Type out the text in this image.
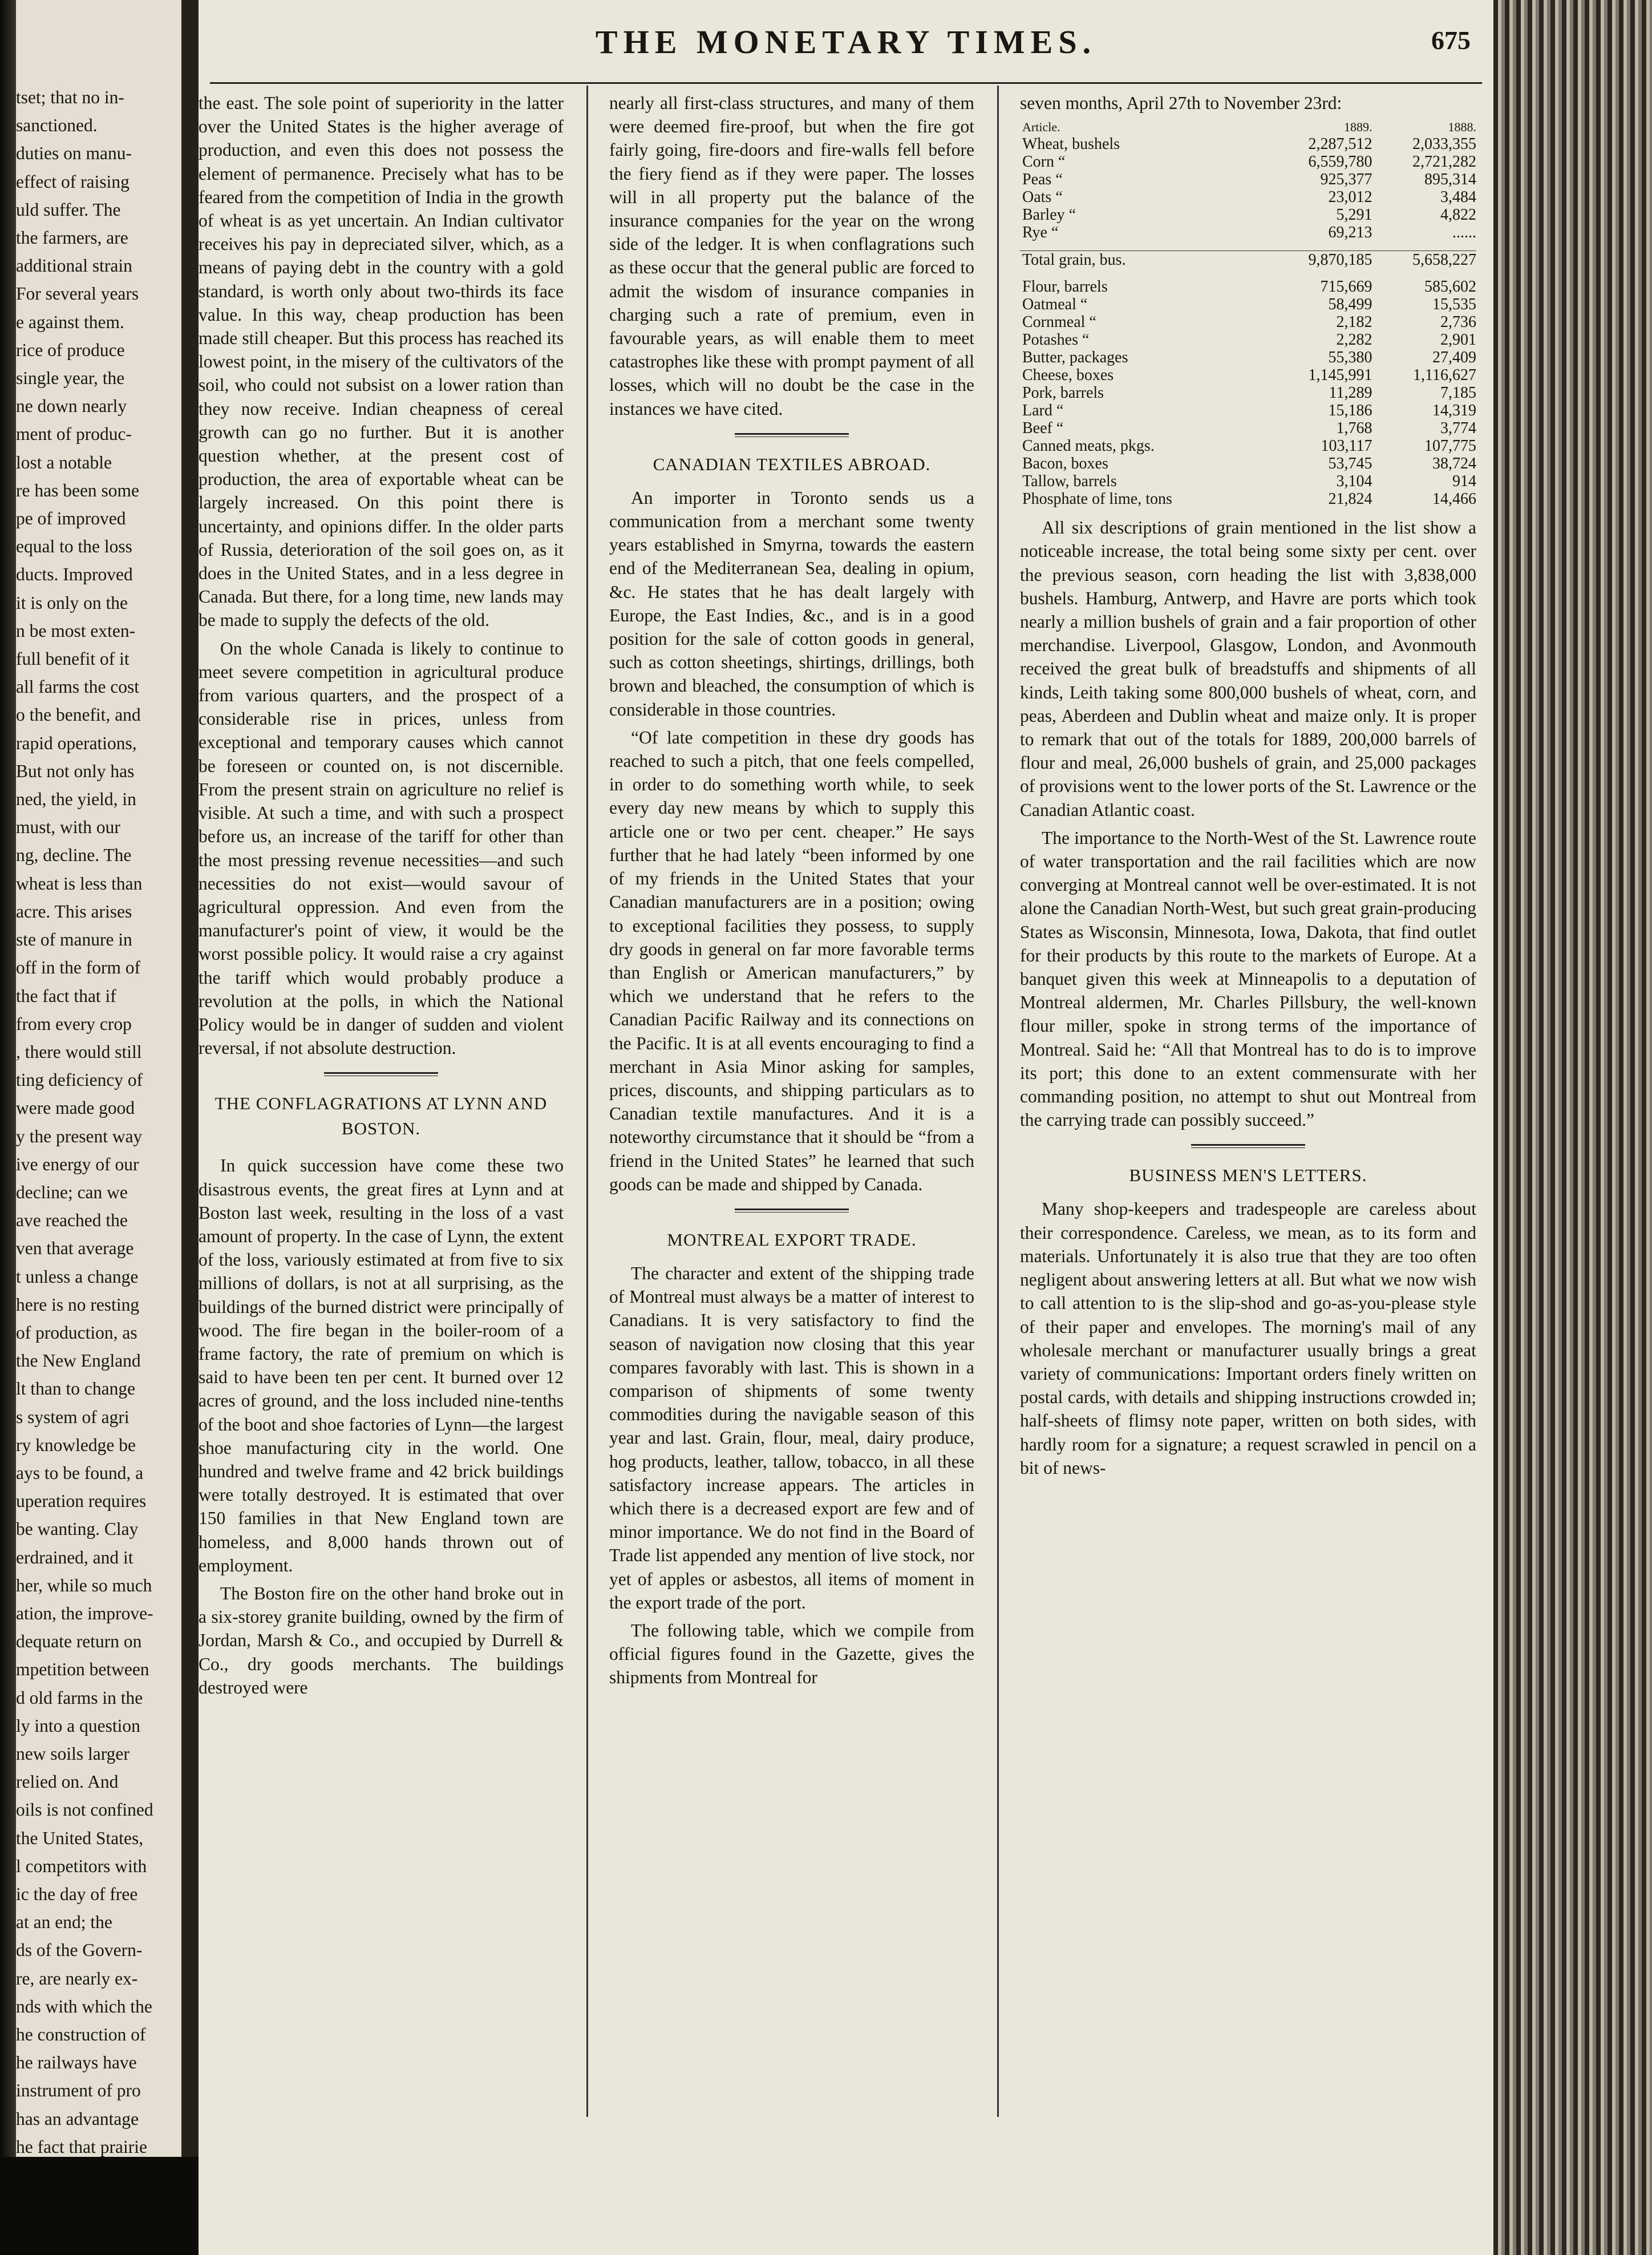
tset; that no in-

sanctioned.

duties on manu-

effect of raising

uld suffer. The

the farmers, are

additional strain

For several years

e against them.

rice of produce

single year, the

ne down nearly

ment of produc-

lost a notable

re has been some

pe of improved

equal to the loss

ducts. Improved

it is only on the

n be most exten-

full benefit of it

all farms the cost

o the benefit, and

rapid operations,

But not only has

ned, the yield, in

must, with our

ng, decline. The

wheat is less than

acre. This arises

ste of manure in

off in the form of

the fact that if

from every crop

, there would still

ting deficiency of

were made good

y the present way

ive energy of our

decline; can we

ave reached the

ven that average

t unless a change

here is no resting

of production, as

the New England

lt than to change

s system of agri

ry knowledge be

ays to be found, a

uperation requires

be wanting. Clay

erdrained, and it

her, while so much

ation, the improve-

dequate return on

mpetition between

d old farms in the

ly into a question

new soils larger

relied on. And

oils is not confined

the United States,

l competitors with

ic the day of free

at an end; the

ds of the Govern-

re, are nearly ex-

nds with which the

he construction of

he railways have

instrument of pro

has an advantage

he fact that prairie

THE MONETARY TIMES.	675

the east. The sole point of superiority in the latter over the United States is the higher average of production, and even this does not possess the element of permanence. Precisely what has to be feared from the competition of India in the growth of wheat is as yet uncertain. An Indian cultivator receives his pay in depreciated silver, which, as a means of paying debt in the country with a gold standard, is worth only about two-thirds its face value. In this way, cheap production has been made still cheaper. But this process has reached its lowest point, in the misery of the cultivators of the soil, who could not subsist on a lower ration than they now receive. Indian cheapness of cereal growth can go no further. But it is another question whether, at the present cost of production, the area of exportable wheat can be largely increased. On this point there is uncertainty, and opinions differ. In the older parts of Russia, deterioration of the soil goes on, as it does in the United States, and in a less degree in Canada. But there, for a long time, new lands may be made to supply the defects of the old.

On the whole Canada is likely to continue to meet severe competition in agricultural produce from various quarters, and the prospect of a considerable rise in prices, unless from exceptional and temporary causes which cannot be foreseen or counted on, is not discernible. From the present strain on agriculture no relief is visible. At such a time, and with such a prospect before us, an increase of the tariff for other than the most pressing revenue necessities—and such necessities do not exist—would savour of agricultural oppression. And even from the manufacturer's point of view, it would be the worst possible policy. It would raise a cry against the tariff which would probably produce a revolution at the polls, in which the National Policy would be in danger of sudden and violent reversal, if not absolute destruction.

THE CONFLAGRATIONS AT LYNN AND BOSTON.

In quick succession have come these two disastrous events, the great fires at Lynn and at Boston last week, resulting in the loss of a vast amount of property. In the case of Lynn, the extent of the loss, variously estimated at from five to six millions of dollars, is not at all surprising, as the buildings of the burned district were principally of wood. The fire began in the boiler-room of a frame factory, the rate of premium on which is said to have been ten per cent. It burned over 12 acres of ground, and the loss included nine-tenths of the boot and shoe factories of Lynn—the largest shoe manufacturing city in the world. One hundred and twelve frame and 42 brick buildings were totally destroyed. It is estimated that over 150 families in that New England town are homeless, and 8,000 hands thrown out of employment.

The Boston fire on the other hand broke out in a six-storey granite building, owned by the firm of Jordan, Marsh & Co., and occupied by Durrell & Co., dry goods merchants. The buildings destroyed were

nearly all first-class structures, and many of them were deemed fire-proof, but when the fire got fairly going, fire-doors and fire-walls fell before the fiery fiend as if they were paper. The losses will in all property put the balance of the insurance companies for the year on the wrong side of the ledger. It is when conflagrations such as these occur that the general public are forced to admit the wisdom of insurance companies in charging such a rate of premium, even in favourable years, as will enable them to meet catastrophes like these with prompt payment of all losses, which will no doubt be the case in the instances we have cited.

CANADIAN TEXTILES ABROAD.

An importer in Toronto sends us a communication from a merchant some twenty years established in Smyrna, towards the eastern end of the Mediterranean Sea, dealing in opium, &c. He states that he has dealt largely with Europe, the East Indies, &c., and is in a good position for the sale of cotton goods in general, such as cotton sheetings, shirtings, drillings, both brown and bleached, the consumption of which is considerable in those countries.

“Of late competition in these dry goods has reached to such a pitch, that one feels compelled, in order to do something worth while, to seek every day new means by which to supply this article one or two per cent. cheaper.” He says further that he had lately “been informed by one of my friends in the United States that your Canadian manufacturers are in a position; owing to exceptional facilities they possess, to supply dry goods in general on far more favorable terms than English or American manufacturers,” by which we understand that he refers to the Canadian Pacific Railway and its connections on the Pacific. It is at all events encouraging to find a merchant in Asia Minor asking for samples, prices, discounts, and shipping particulars as to Canadian textile manufactures. And it is a noteworthy circumstance that it should be “from a friend in the United States” he learned that such goods can be made and shipped by Canada.

MONTREAL EXPORT TRADE.

The character and extent of the shipping trade of Montreal must always be a matter of interest to Canadians. It is very satisfactory to find the season of navigation now closing that this year compares favorably with last. This is shown in a comparison of shipments of some twenty commodities during the navigable season of this year and last. Grain, flour, meal, dairy produce, hog products, leather, tallow, tobacco, in all these satisfactory increase appears. The articles in which there is a decreased export are few and of minor importance. We do not find in the Board of Trade list appended any mention of live stock, nor yet of apples or asbestos, all items of moment in the export trade of the port.

The following table, which we compile from official figures found in the Gazette, gives the shipments from Montreal for

seven months, April 27th to November 23rd:

Article.	1889.	1888.
Wheat, bushels	2,287,512	2,033,355
Corn “	6,559,780	2,721,282
Peas “	925,377	895,314
Oats “	23,012	3,484
Barley “	5,291	4,822
Rye “	69,213	......

Total grain, bus.	9,870,185	5,658,227

Flour, barrels	715,669	585,602
Oatmeal “	58,499	15,535
Cornmeal “	2,182	2,736
Potashes “	2,282	2,901
Butter, packages	55,380	27,409
Cheese, boxes	1,145,991	1,116,627
Pork, barrels	11,289	7,185
Lard “	15,186	14,319
Beef “	1,768	3,774
Canned meats, pkgs.	103,117	107,775
Bacon, boxes	53,745	38,724
Tallow, barrels	3,104	914
Phosphate of lime, tons	21,824	14,466

All six descriptions of grain mentioned in the list show a noticeable increase, the total being some sixty per cent. over the previous season, corn heading the list with 3,838,000 bushels. Hamburg, Antwerp, and Havre are ports which took nearly a million bushels of grain and a fair proportion of other merchandise. Liverpool, Glasgow, London, and Avonmouth received the great bulk of breadstuffs and shipments of all kinds, Leith taking some 800,000 bushels of wheat, corn, and peas, Aberdeen and Dublin wheat and maize only. It is proper to remark that out of the totals for 1889, 200,000 barrels of flour and meal, 26,000 bushels of grain, and 25,000 packages of provisions went to the lower ports of the St. Lawrence or the Canadian Atlantic coast.

The importance to the North-West of the St. Lawrence route of water transportation and the rail facilities which are now converging at Montreal cannot well be over-estimated. It is not alone the Canadian North-West, but such great grain-producing States as Wisconsin, Minnesota, Iowa, Dakota, that find outlet for their products by this route to the markets of Europe. At a banquet given this week at Minneapolis to a deputation of Montreal aldermen, Mr. Charles Pillsbury, the well-known flour miller, spoke in strong terms of the importance of Montreal. Said he: “All that Montreal has to do is to improve its port; this done to an extent commensurate with her commanding position, no attempt to shut out Montreal from the carrying trade can possibly succeed.”

BUSINESS MEN'S LETTERS.

Many shop-keepers and tradespeople are careless about their correspondence. Careless, we mean, as to its form and materials. Unfortunately it is also true that they are too often negligent about answering letters at all. But what we now wish to call attention to is the slip-shod and go-as-you-please style of their paper and envelopes. The morning's mail of any wholesale merchant or manufacturer usually brings a great variety of communications: Important orders finely written on postal cards, with details and shipping instructions crowded in; half-sheets of flimsy note paper, written on both sides, with hardly room for a signature; a request scrawled in pencil on a bit of news-
